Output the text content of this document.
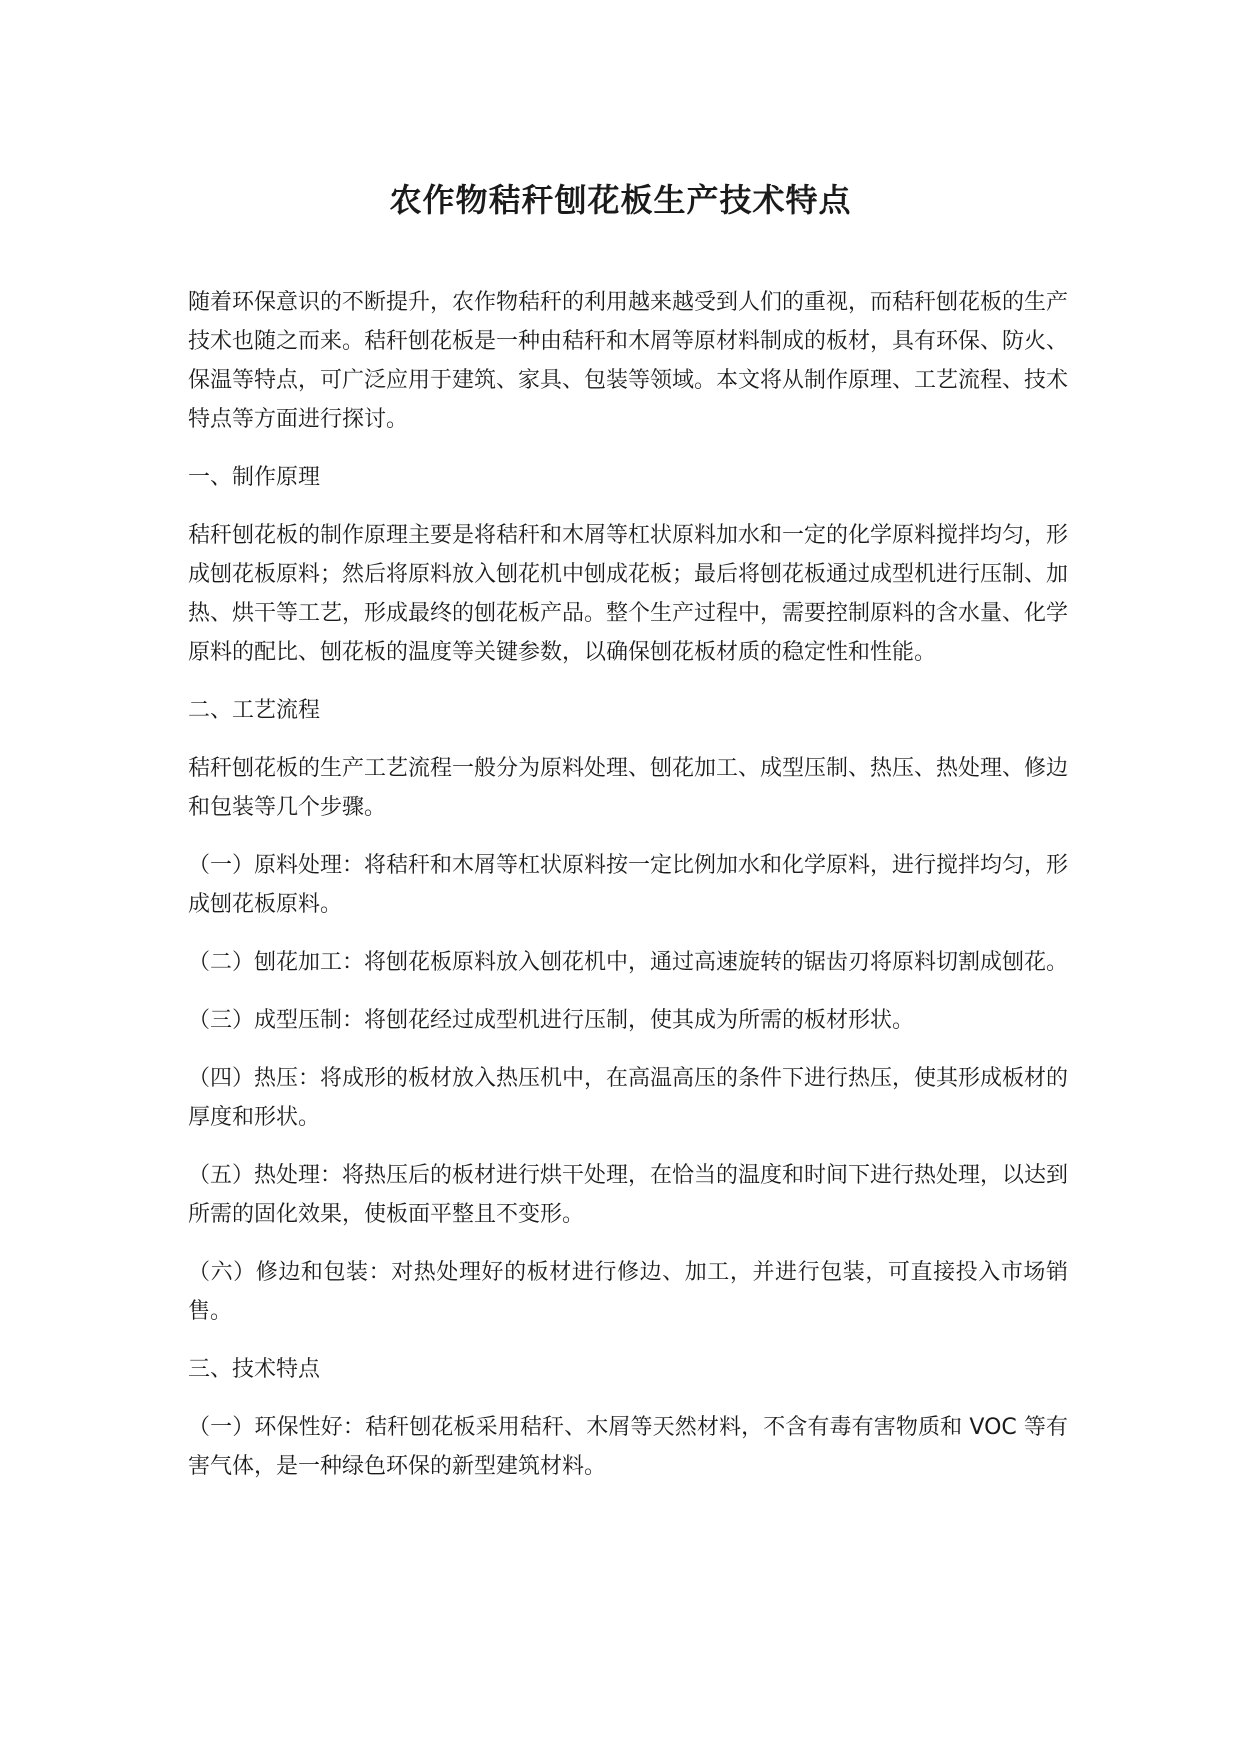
农作物秸秆刨花板生产技术特点

随着环保意识的不断提升，农作物秸秆的利用越来越受到人们的重视，而秸秆刨花板的生产技术也随之而来。秸秆刨花板是一种由秸秆和木屑等原材料制成的板材，具有环保、防火、保温等特点，可广泛应用于建筑、家具、包装等领域。本文将从制作原理、工艺流程、技术特点等方面进行探讨。

一、制作原理

秸秆刨花板的制作原理主要是将秸秆和木屑等杠状原料加水和一定的化学原料搅拌均匀，形成刨花板原料；然后将原料放入刨花机中刨成花板；最后将刨花板通过成型机进行压制、加热、烘干等工艺，形成最终的刨花板产品。整个生产过程中，需要控制原料的含水量、化学原料的配比、刨花板的温度等关键参数，以确保刨花板材质的稳定性和性能。

二、工艺流程

秸秆刨花板的生产工艺流程一般分为原料处理、刨花加工、成型压制、热压、热处理、修边和包装等几个步骤。

（一）原料处理：将秸秆和木屑等杠状原料按一定比例加水和化学原料，进行搅拌均匀，形成刨花板原料。

（二）刨花加工：将刨花板原料放入刨花机中，通过高速旋转的锯齿刃将原料切割成刨花。

（三）成型压制：将刨花经过成型机进行压制，使其成为所需的板材形状。

（四）热压：将成形的板材放入热压机中，在高温高压的条件下进行热压，使其形成板材的厚度和形状。

（五）热处理：将热压后的板材进行烘干处理，在恰当的温度和时间下进行热处理，以达到所需的固化效果，使板面平整且不变形。

（六）修边和包装：对热处理好的板材进行修边、加工，并进行包装，可直接投入市场销售。

三、技术特点

（一）环保性好：秸秆刨花板采用秸秆、木屑等天然材料，不含有毒有害物质和 VOC 等有害气体，是一种绿色环保的新型建筑材料。
